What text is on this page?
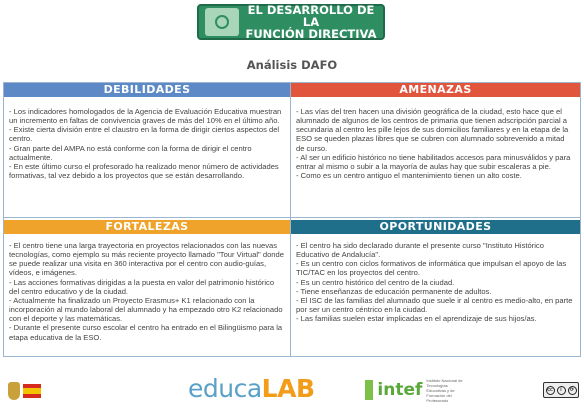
EL DESARROLLO DE LA
FUNCIÓN DIRECTIVA
Análisis DAFO
DEBILIDADES

- Los indicadores homologados de la Agencia de Evaluación Educativa muestran un incremento en faltas de convivencia graves de más del 10% en el último año.

- Existe cierta división entre el claustro en la forma de dirigir ciertos aspectos del centro.

- Gran parte del AMPA no está conforme con la forma de dirigir el centro actualmente.

- En este último curso el profesorado ha realizado menor número de actividades formativas, tal vez debido a los proyectos que se están desarrollando.

AMENAZAS

- Las vías del tren hacen una división geográfica de la ciudad, esto hace que el alumnado de algunos de los centros de primaria que tienen adscripción parcial a secundaria al centro les pille lejos de sus domicilios familiares y en la etapa de la ESO se queden plazas libres que se cubren con alumnado sobrevenido a mitad de curso.

- Al ser un edificio histórico no tiene habilitados accesos para minusválidos y para entrar al mismo o subir a la mayoría de aulas hay que subir escaleras a pie.

- Como es un centro antiguo el mantenimiento tienen un alto coste.

FORTALEZAS

- El centro tiene una larga trayectoria en proyectos relacionados con las nuevas tecnologías, como ejemplo su más reciente proyecto llamado "Tour Virtual" donde se puede realizar una visita en 360 interactiva por el centro con audio-guías, vídeos, e imágenes.

- Las acciones formativas dirigidas a la puesta en valor del patrimonio histórico del centro educativo y de la ciudad.

- Actualmente ha finalizado un Proyecto Erasmus+ K1 relacionado con la incorporación al mundo laboral del alumnado y ha empezado otro K2 relacionado con el deporte y las matemáticas.

- Durante el presente curso escolar el centro ha entrado en el Bilingüismo para la etapa educativa de la ESO.

OPORTUNIDADES

- El centro ha sido declarado durante el presente curso "Instituto Histórico Educativo de Andalucía".

- Es un centro con ciclos formativos de informática que impulsan el apoyo de las TIC/TAC en los proyectos del centro.

- Es un centro histórico del centro de la ciudad.

- Tiene enseñanzas de educación permanente de adultos.

- El ISC de las familias del alumnado que suele ir al centro es medio-alto, en parte por ser un centro céntrico en la ciudad.

- Las familias suelen estar implicadas en el aprendizaje de sus hijos/as.

educaLAB	intef Instituto Nacional de Tecnologías Educativas y de Formación del Profesorado
cc	i	⟳
